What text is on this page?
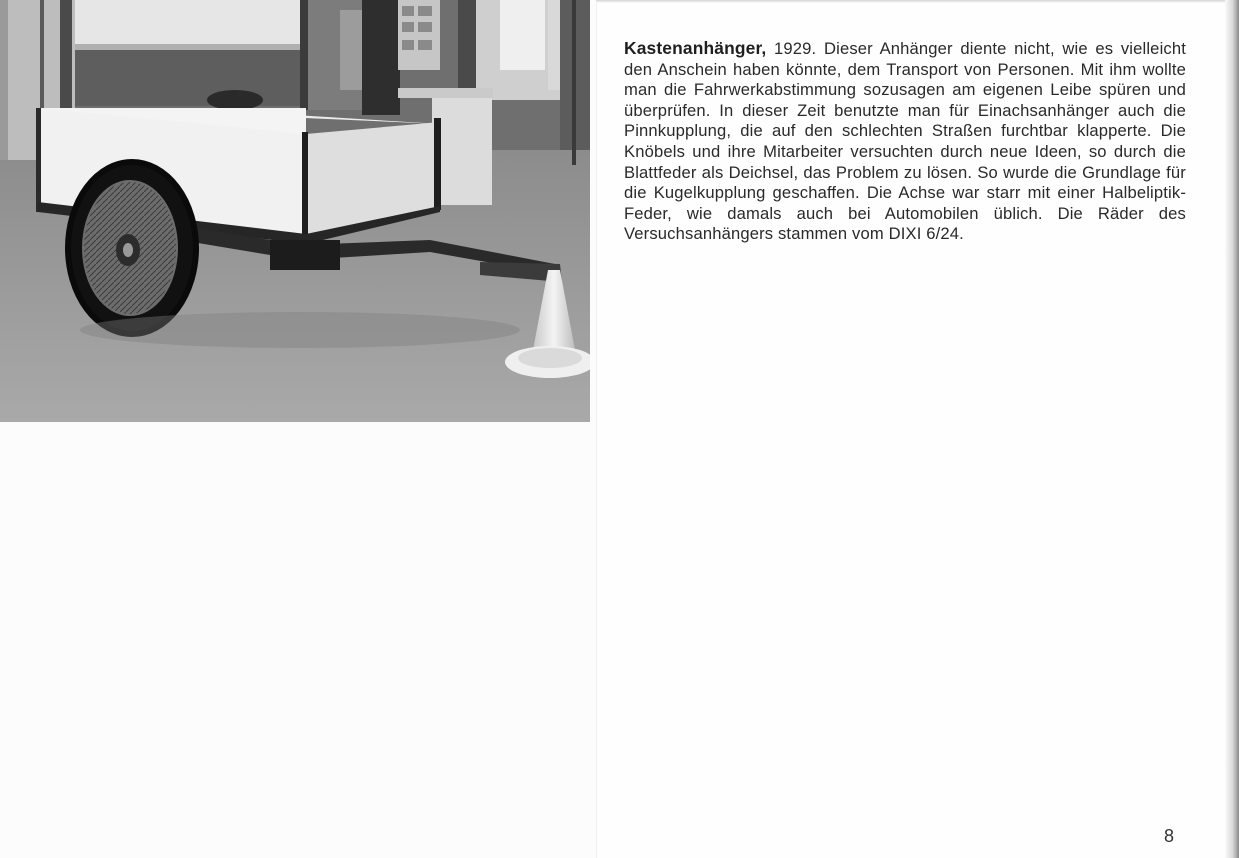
Kastenanhänger, 1929. Dieser Anhänger diente nicht, wie es vielleicht den Anschein haben könnte, dem Transport von Personen. Mit ihm wollte man die Fahrwerkabstimmung sozusagen am eigenen Leibe spüren und überprüfen. In dieser Zeit benutzte man für Einachsanhänger auch die Pinnkupplung, die auf den schlechten Straßen furchtbar klapperte. Die Knöbels und ihre Mitarbeiter versuchten durch neue Ideen, so durch die Blattfeder als Deichsel, das Problem zu lösen. So wurde die Grundlage für die Kugelkupplung geschaffen. Die Achse war starr mit einer Halbeliptik-Feder, wie damals auch bei Automobilen üblich. Die Räder des Versuchsanhängers stammen vom DIXI 6/24.

8
